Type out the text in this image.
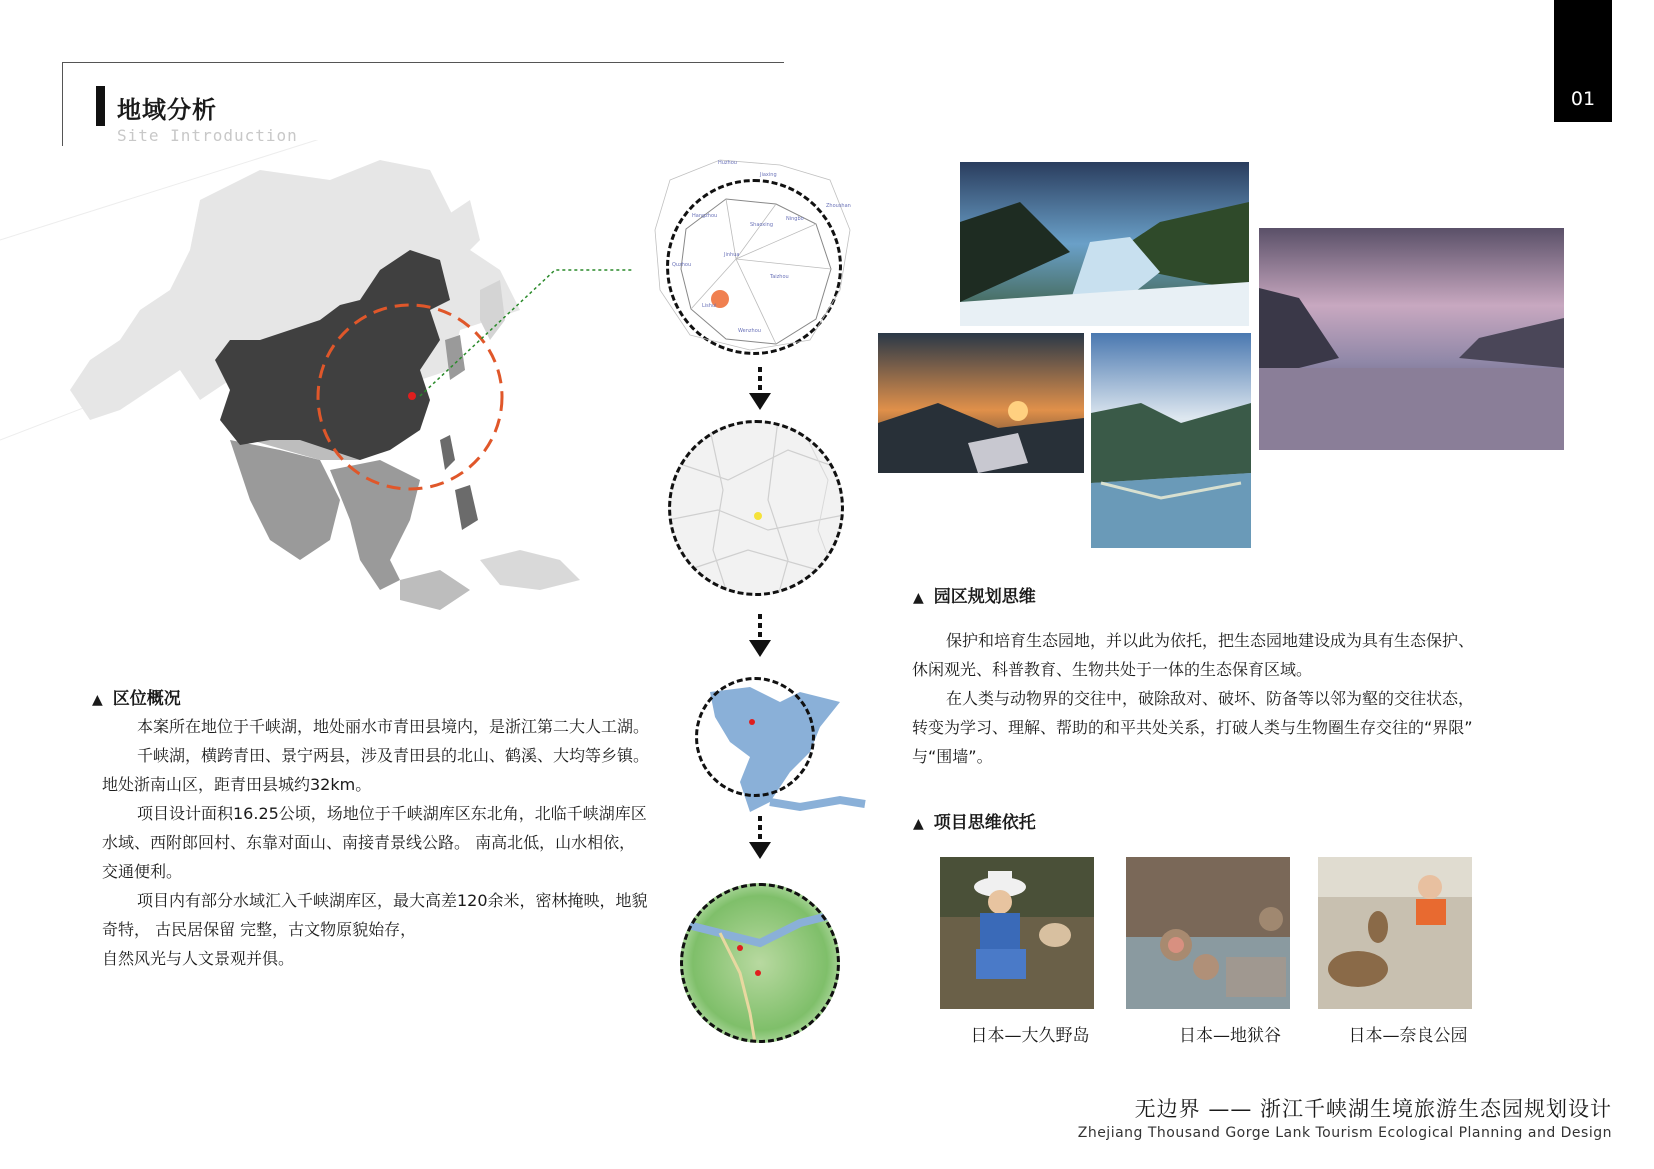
地域分析
Site Introduction
01
Huzhou
Jiaxing
Hangzhou
Shaoxing
Ningbo
Zhoushan
Jinhua
Quzhou
Taizhou
Lishui
Wenzhou
▲ 区位概况

本案所在地位于千峡湖，地处丽水市青田县境内，是浙江第二大人工湖。

千峡湖，横跨青田、景宁两县，涉及青田县的北山、鹤溪、大均等乡镇。

地处浙南山区，距青田县城约32km。

项目设计面积16.25公顷，场地位于千峡湖库区东北角，北临千峡湖库区

水域、西附郎回村、东靠对面山、南接青景线公路。 南高北低，山水相依，

交通便利。

项目内有部分水域汇入千峡湖库区，最大高差120余米，密林掩映，地貌

奇特， 古民居保留 完整，古文物原貌始存，

自然风光与人文景观并俱。

▲ 园区规划思维

保护和培育生态园地，并以此为依托，把生态园地建设成为具有生态保护、

休闲观光、科普教育、生物共处于一体的生态保育区域。

在人类与动物界的交往中，破除敌对、破坏、防备等以邻为壑的交往状态，

转变为学习、理解、帮助的和平共处关系，打破人类与生物圈生存交往的“界限”

与“围墙”。

▲ 项目思维依托
日本—大久野岛	日本—地狱谷	日本—奈良公园
无边界 —— 浙江千峡湖生境旅游生态园规划设计
Zhejiang Thousand Gorge Lank Tourism Ecological Planning and Design
